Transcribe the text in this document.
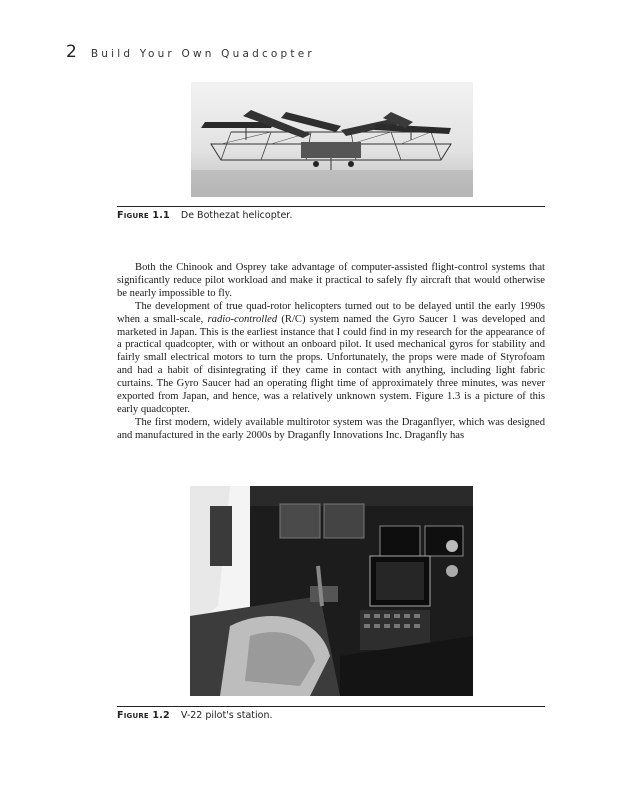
2 Build Your Own Quadcopter
Figure 1.1 De Bothezat helicopter.

Both the Chinook and Osprey take advantage of computer-assisted flight-control systems that significantly reduce pilot workload and make it practical to safely fly aircraft that would otherwise be nearly impossible to fly.

The development of true quad-rotor helicopters turned out to be delayed until the early 1990s when a small-scale, radio-controlled (R/C) system named the Gyro Saucer 1 was developed and marketed in Japan. This is the earliest instance that I could find in my research for the appearance of a practical quadcopter, with or without an onboard pilot. It used mechanical gyros for stability and fairly small electrical motors to turn the props. Unfortunately, the props were made of Styrofoam and had a habit of disintegrating if they came in contact with anything, including light fabric curtains. The Gyro Saucer had an operating flight time of approximately three minutes, was never exported from Japan, and hence, was a relatively unknown system. Figure 1.3 is a picture of this early quadcopter.

The first modern, widely available multirotor system was the Draganflyer, which was designed and manufactured in the early 2000s by Draganfly Innovations Inc. Draganfly has

Figure 1.2 V-22 pilot's station.
